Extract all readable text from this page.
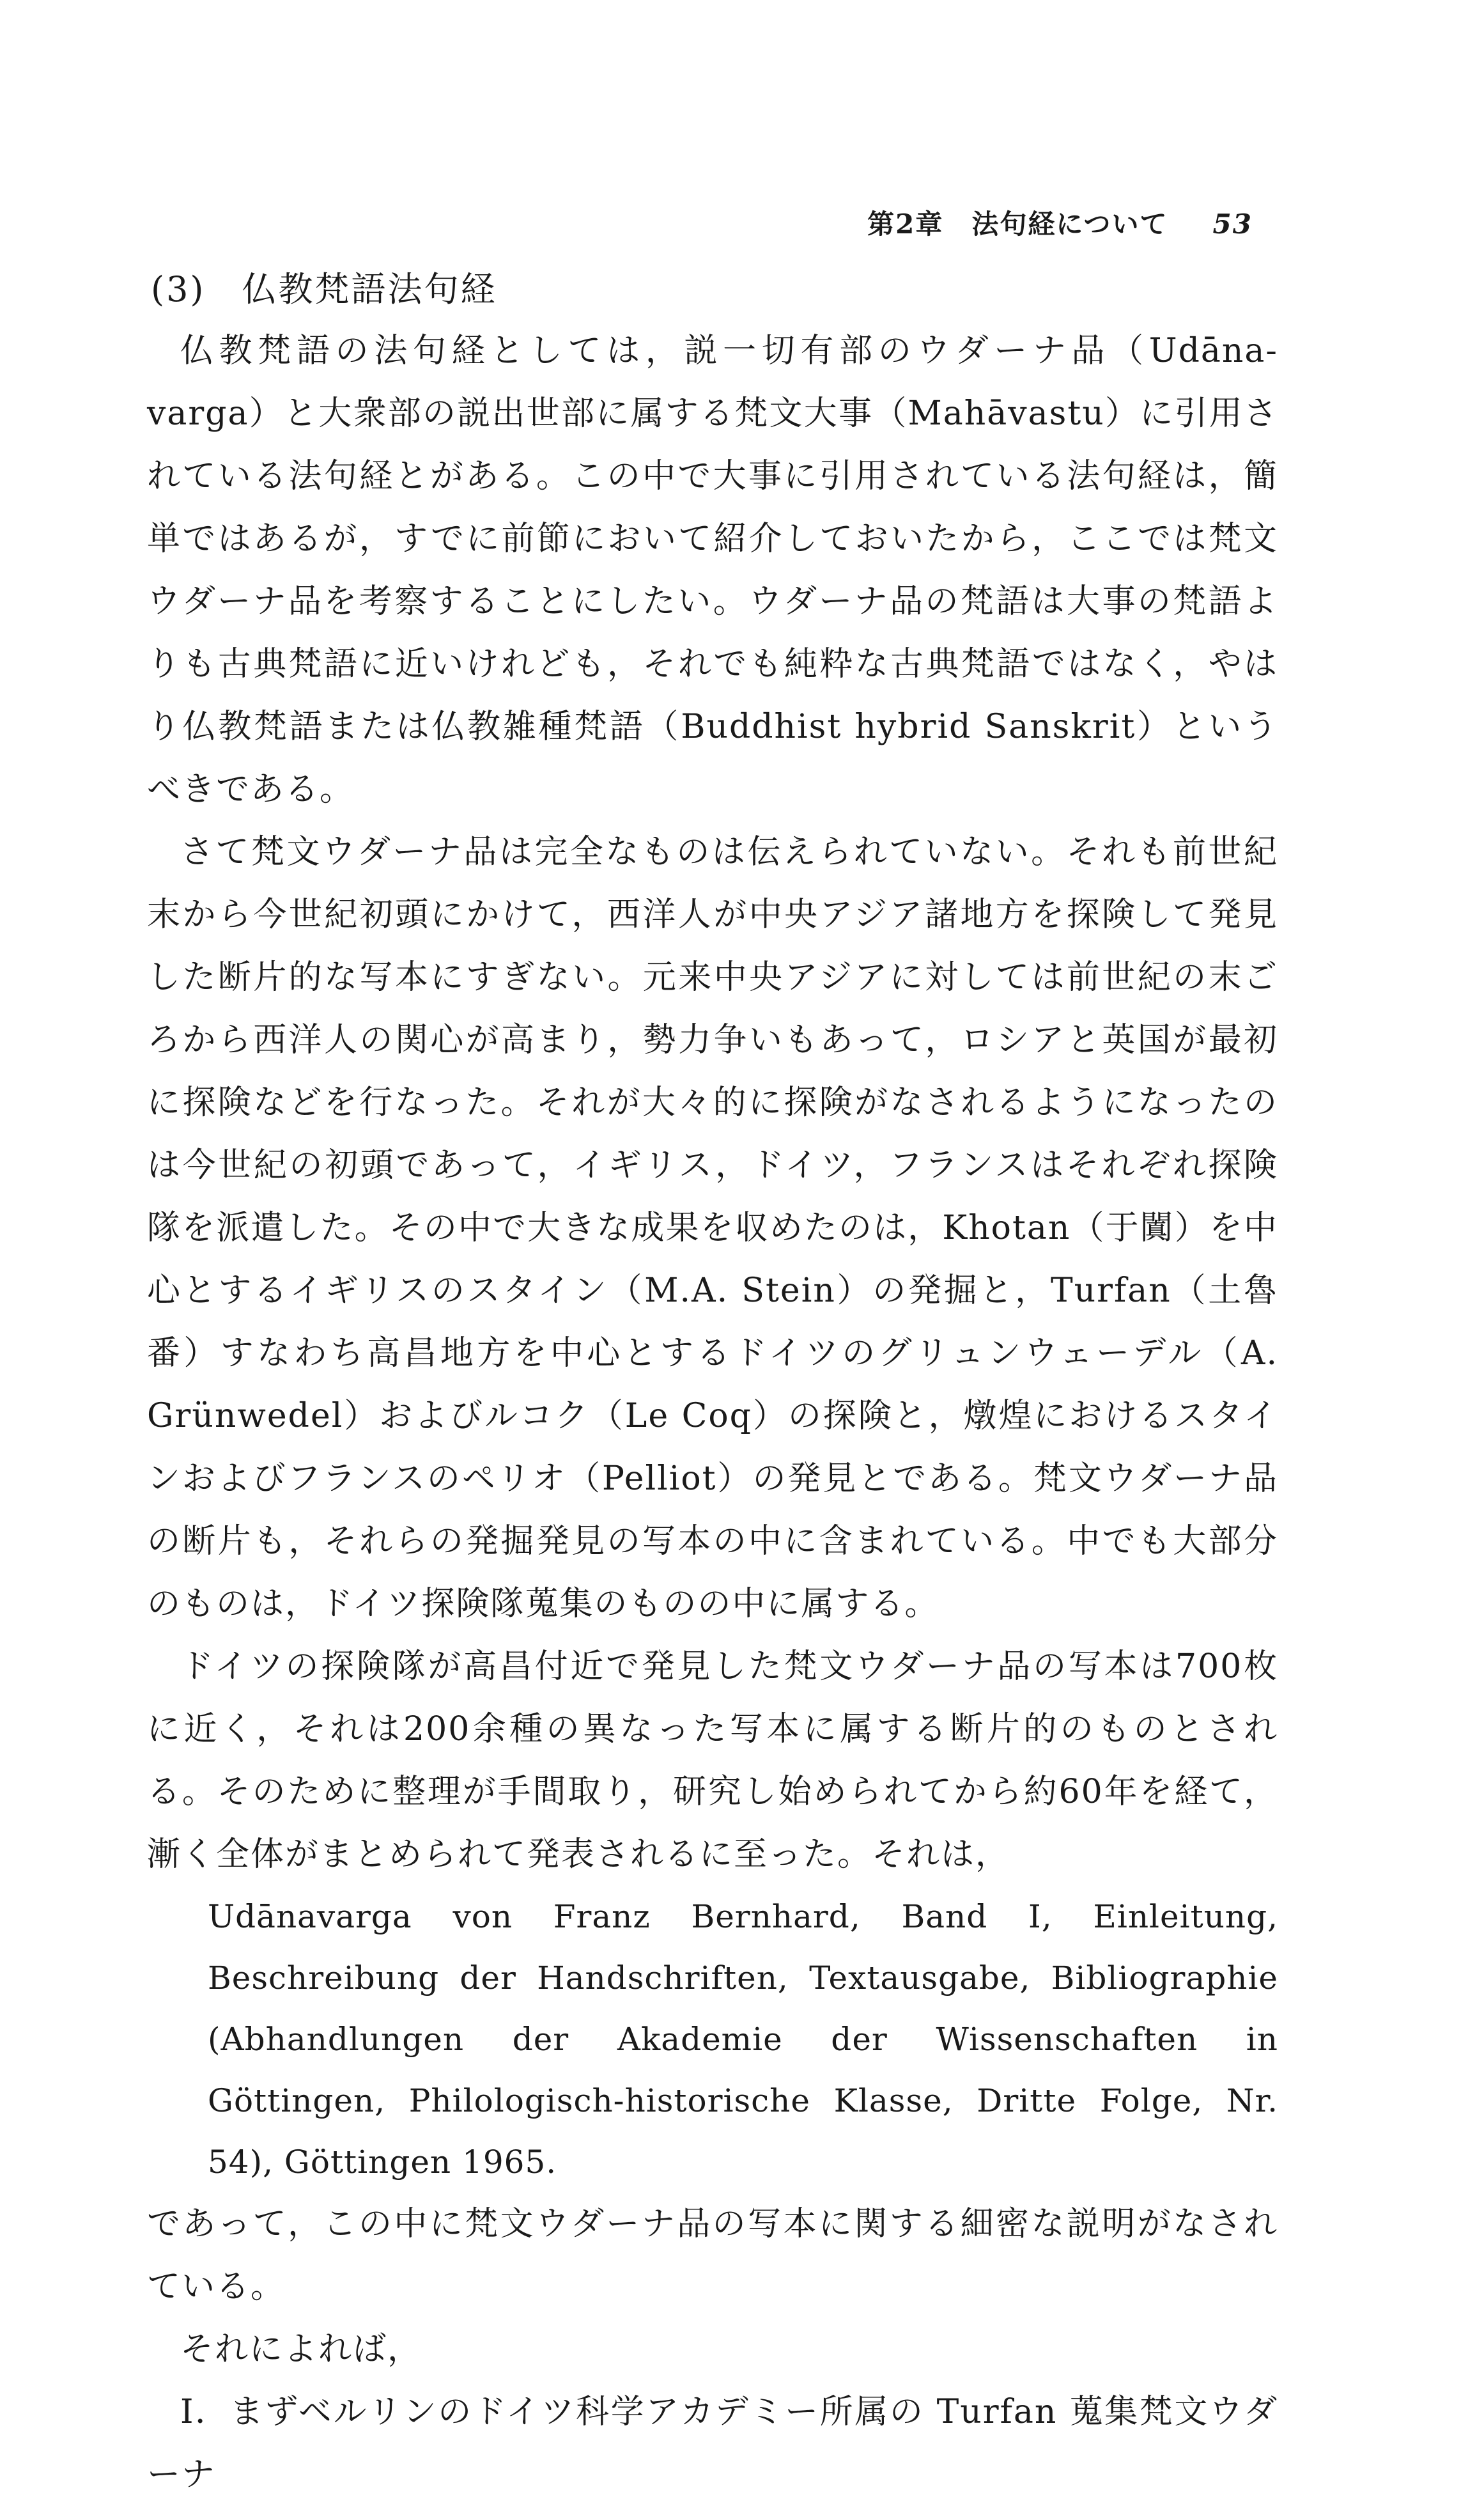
第2章　法句経について 53
(3)　仏教梵語法句経

仏教梵語の法句経としては，説一切有部のウダーナ品（Udāna-varga）と大衆部の説出世部に属する梵文大事（Mahāvastu）に引用されている法句経とがある。この中で大事に引用されている法句経は，簡単ではあるが，すでに前節において紹介しておいたから，ここでは梵文ウダーナ品を考察することにしたい。ウダーナ品の梵語は大事の梵語よりも古典梵語に近いけれども，それでも純粋な古典梵語ではなく，やはり仏教梵語または仏教雑種梵語（Buddhist hybrid Sanskrit）というべきである。

さて梵文ウダーナ品は完全なものは伝えられていない。それも前世紀末から今世紀初頭にかけて，西洋人が中央アジア諸地方を探険して発見した断片的な写本にすぎない。元来中央アジアに対しては前世紀の末ごろから西洋人の関心が高まり，勢力争いもあって，ロシアと英国が最初に探険などを行なった。それが大々的に探険がなされるようになったのは今世紀の初頭であって，イギリス，ドイツ，フランスはそれぞれ探険隊を派遣した。その中で大きな成果を収めたのは，Khotan（于闐）を中心とするイギリスのスタイン（M.A. Stein）の発掘と，Turfan（土魯番）すなわち高昌地方を中心とするドイツのグリュンウェーデル（A. Grünwedel）およびルコク（Le Coq）の探険と，燉煌におけるスタインおよびフランスのペリオ（Pelliot）の発見とである。梵文ウダーナ品の断片も，それらの発掘発見の写本の中に含まれている。中でも大部分のものは，ドイツ探険隊蒐集のものの中に属する。

ドイツの探険隊が高昌付近で発見した梵文ウダーナ品の写本は700枚に近く，それは200余種の異なった写本に属する断片的のものとされる。そのために整理が手間取り，研究し始められてから約60年を経て，漸く全体がまとめられて発表されるに至った。それは，

Udānavarga von Franz Bernhard, Band I, Einleitung, Beschreibung der Handschriften, Textausgabe, Bibliographie (Abhandlungen der Akademie der Wissenschaften in Göttingen, Philologisch-historische Klasse, Dritte Folge, Nr. 54), Göttingen 1965.

であって，この中に梵文ウダーナ品の写本に関する細密な説明がなされている。

それによれば，

Ⅰ．まずベルリンのドイツ科学アカデミー所属の Turfan 蒐集梵文ウダーナ
